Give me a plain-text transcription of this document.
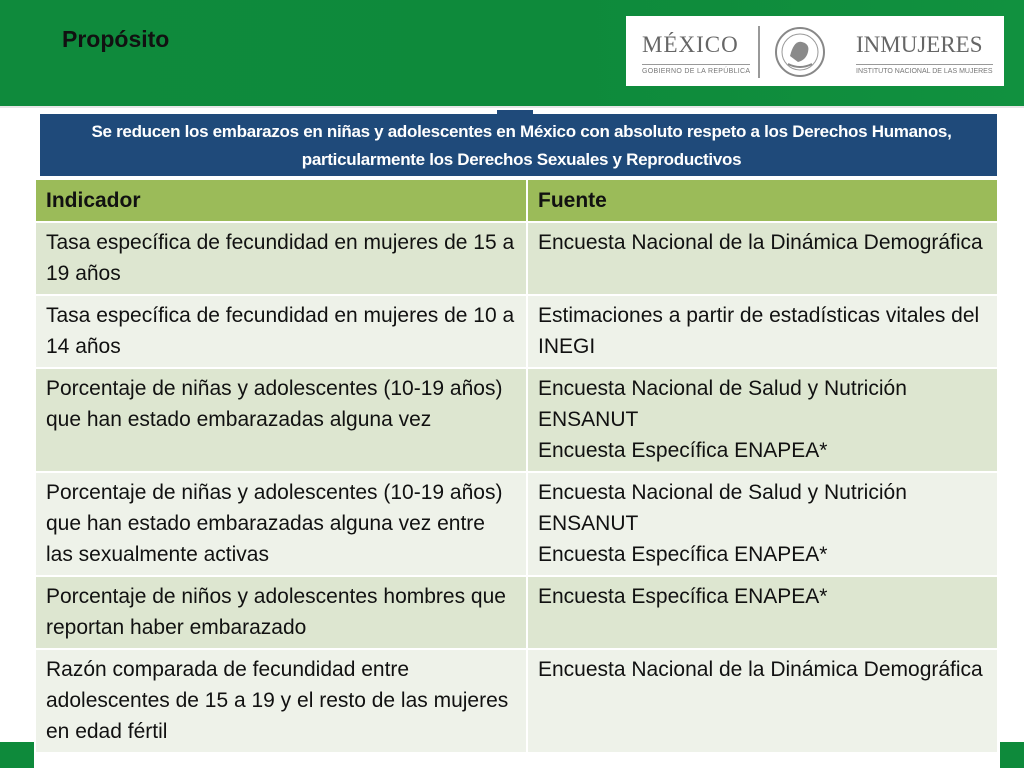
Propósito	MÉXICO
GOBIERNO DE LA REPÚBLICA
INMUJERES
INSTITUTO NACIONAL DE LAS MUJERES
Se reducen los embarazos en niñas y adolescentes en México con absoluto respeto a los Derechos Humanos, particularmente los Derechos Sexuales y Reproductivos
Indicador	Fuente
Tasa específica de fecundidad en mujeres de 15 a 19 años	Encuesta Nacional de la Dinámica Demográfica
Tasa específica de fecundidad en mujeres de 10 a 14 años	Estimaciones a partir de estadísticas vitales del INEGI
Porcentaje de niñas y adolescentes (10-19 años) que han estado embarazadas alguna vez	Encuesta Nacional de Salud y Nutrición ENSANUT
Encuesta Específica ENAPEA*
Porcentaje de niñas y adolescentes (10-19 años) que han estado embarazadas alguna vez entre las sexualmente activas	Encuesta Nacional de Salud y Nutrición ENSANUT
Encuesta Específica ENAPEA*
Porcentaje de niños y adolescentes hombres que reportan haber embarazado	Encuesta Específica ENAPEA*
Razón comparada de fecundidad entre adolescentes de 15 a 19 y el resto de las mujeres en edad fértil	Encuesta Nacional de la Dinámica Demográfica
